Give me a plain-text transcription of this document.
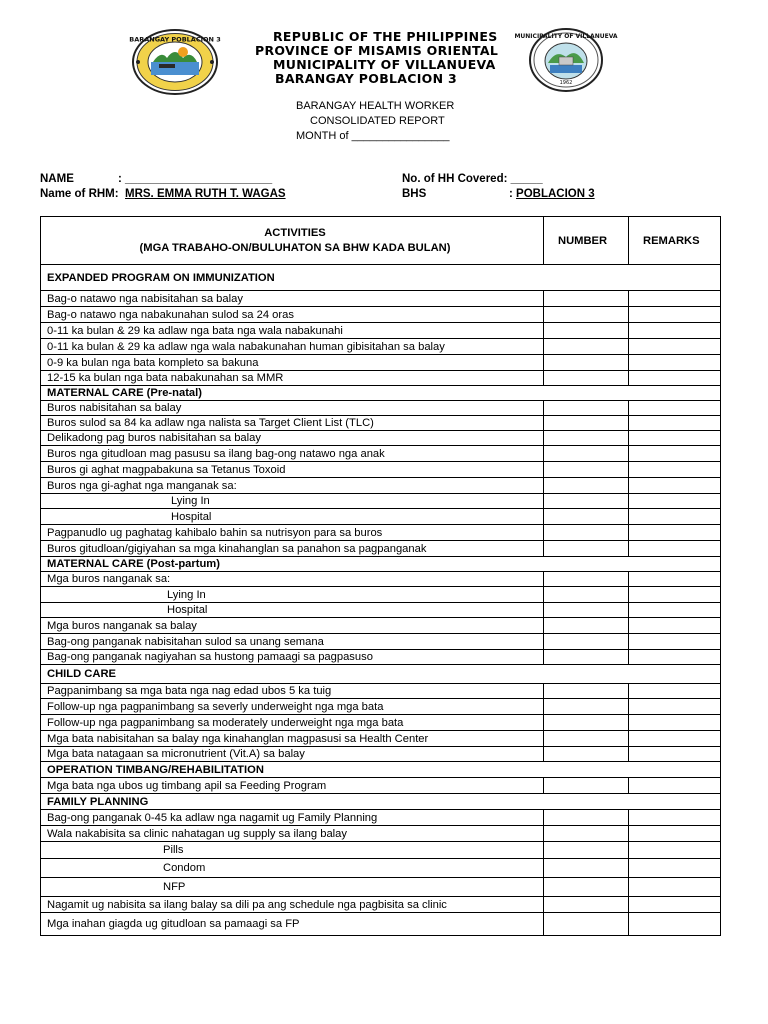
BARANGAY POBLACION 3	MUNICIPALITY OF VILLANUEVA
1962
REPUBLIC OF THE PHILIPPINES
PROVINCE OF MISAMIS ORIENTAL
MUNICIPALITY OF VILLANUEVA
BARANGAY POBLACION 3
BARANGAY HEALTH WORKER
CONSOLIDATED REPORT
MONTH of ________________
NAME	: _______________________
Name of RHM: MRS. EMMA RUTH T. WAGAS
No. of HH Covered: _____
BHS	: POBLACION 3
ACTIVITIES
(MGA TRABAHO-ON/BULUHATON SA BHW KADA BULAN)	NUMBER	REMARKS
EXPANDED PROGRAM ON IMMUNIZATION		
Bag-o natawo nga nabisitahan sa balay		
Bag-o natawo nga nabakunahan sulod sa 24 oras		
0-11 ka bulan & 29 ka adlaw nga bata nga wala nabakunahi		
0-11 ka bulan & 29 ka adlaw nga wala nabakunahan human gibisitahan sa balay		
0-9 ka bulan nga bata kompleto sa bakuna		
12-15 ka bulan nga bata nabakunahan sa MMR		
MATERNAL CARE (Pre-natal)		
Buros nabisitahan sa balay		
Buros sulod sa 84 ka adlaw nga nalista sa Target Client List (TLC)		
Delikadong pag buros nabisitahan sa balay		
Buros nga gitudloan mag pasusu sa ilang bag-ong natawo nga anak		
Buros gi aghat magpabakuna sa Tetanus Toxoid		
Buros nga gi-aghat nga manganak sa:		
Lying In		
Hospital		
Pagpanudlo ug paghatag kahibalo bahin sa nutrisyon para sa buros		
Buros gitudloan/gigiyahan sa mga kinahanglan sa panahon sa pagpanganak		
MATERNAL CARE (Post-partum)		
Mga buros nanganak sa:		
Lying In		
Hospital		
Mga buros nanganak sa balay		
Bag-ong panganak nabisitahan sulod sa unang semana		
Bag-ong panganak nagiyahan sa hustong pamaagi sa pagpasuso		
CHILD CARE		
Pagpanimbang sa mga bata nga nag edad ubos 5 ka tuig		
Follow-up nga pagpanimbang sa severly underweight nga mga bata		
Follow-up nga pagpanimbang sa moderately underweight nga mga bata		
Mga bata nabisitahan sa balay nga kinahanglan magpasusi sa Health Center		
Mga bata natagaan sa micronutrient (Vit.A) sa balay		
OPERATION TIMBANG/REHABILITATION		
Mga bata nga ubos ug timbang apil sa Feeding Program		
FAMILY PLANNING		
Bag-ong panganak 0-45 ka adlaw nga nagamit ug Family Planning		
Wala nakabisita sa clinic nahatagan ug supply sa ilang balay		
Pills		
Condom		
NFP		
Nagamit ug nabisita sa ilang balay sa dili pa ang schedule nga pagbisita sa clinic		
Mga inahan giagda ug gitudloan sa pamaagi sa FP		
